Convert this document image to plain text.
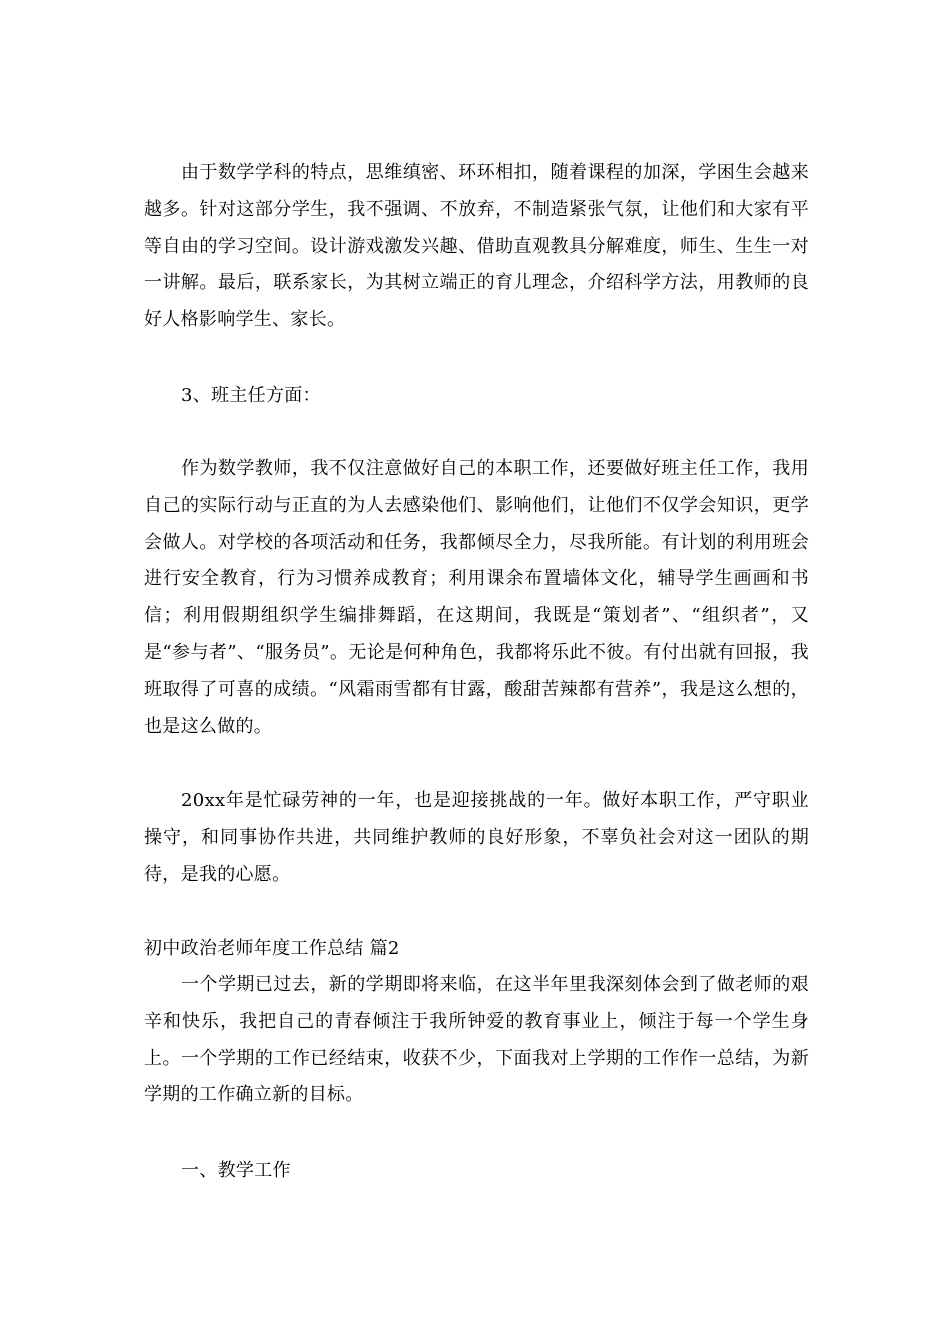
由于数学学科的特点，思维缜密、环环相扣，随着课程的加深，学困生会越来越多。针对这部分学生，我不强调、不放弃，不制造紧张气氛，让他们和大家有平等自由的学习空间。设计游戏激发兴趣、借助直观教具分解难度，师生、生生一对一讲解。最后，联系家长，为其树立端正的育儿理念，介绍科学方法，用教师的良好人格影响学生、家长。

3、班主任方面：

作为数学教师，我不仅注意做好自己的本职工作，还要做好班主任工作，我用自己的实际行动与正直的为人去感染他们、影响他们，让他们不仅学会知识，更学会做人。对学校的各项活动和任务，我都倾尽全力，尽我所能。有计划的利用班会进行安全教育，行为习惯养成教育；利用课余布置墙体文化，辅导学生画画和书信；利用假期组织学生编排舞蹈，在这期间，我既是“策划者”、“组织者”，又是“参与者”、“服务员”。无论是何种角色，我都将乐此不彼。有付出就有回报，我班取得了可喜的成绩。“风霜雨雪都有甘露，酸甜苦辣都有营养”，我是这么想的，也是这么做的。

20xx年是忙碌劳神的一年，也是迎接挑战的一年。做好本职工作，严守职业操守，和同事协作共进，共同维护教师的良好形象，不辜负社会对这一团队的期待，是我的心愿。

初中政治老师年度工作总结 篇2

一个学期已过去，新的学期即将来临，在这半年里我深刻体会到了做老师的艰辛和快乐，我把自己的青春倾注于我所钟爱的教育事业上，倾注于每一个学生身上。一个学期的工作已经结束，收获不少，下面我对上学期的工作作一总结，为新学期的工作确立新的目标。

一、教学工作
